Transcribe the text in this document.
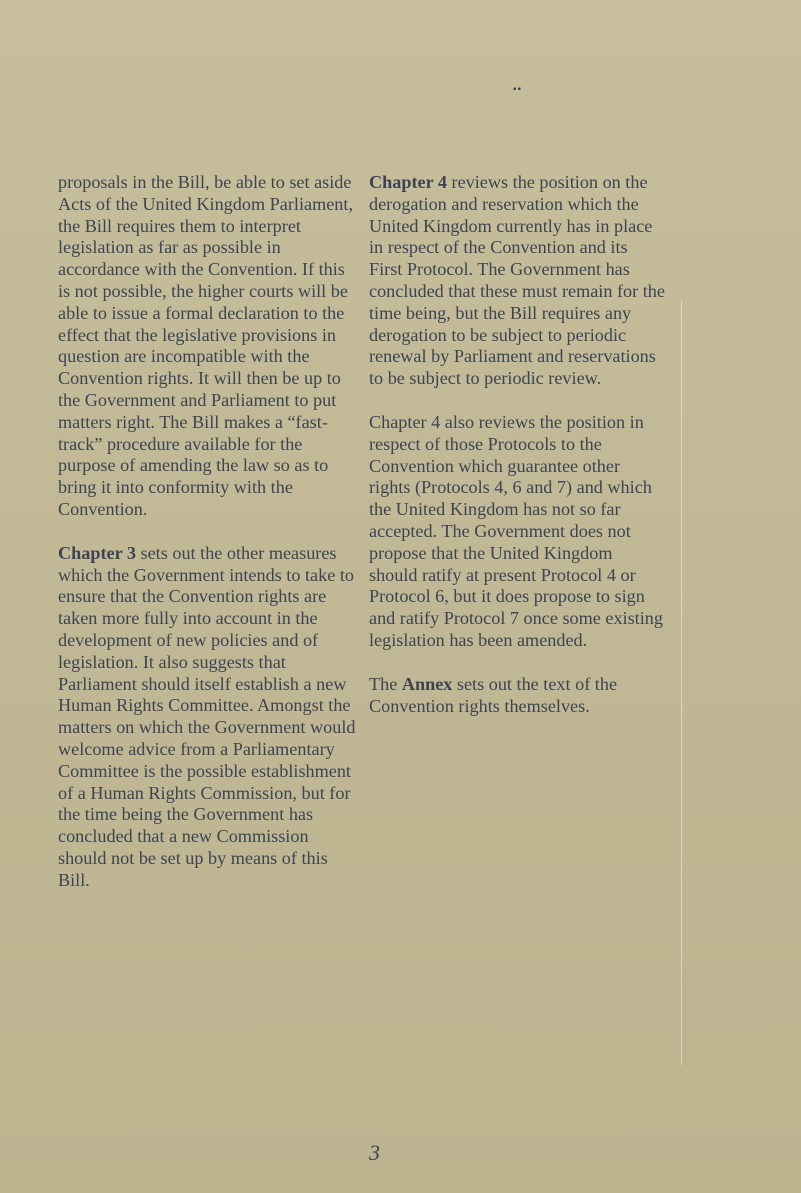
▪▪

proposals in the Bill, be able to set aside Acts of the United Kingdom Parliament, the Bill requires them to interpret legislation as far as possible in accordance with the Convention. If this is not possible, the higher courts will be able to issue a formal declaration to the effect that the legislative provisions in question are incompatible with the Convention rights. It will then be up to the Government and Parliament to put matters right. The Bill makes a “fast-track” procedure available for the purpose of amending the law so as to bring it into conformity with the Convention.

Chapter 3 sets out the other measures which the Government intends to take to ensure that the Convention rights are taken more fully into account in the development of new policies and of legislation. It also suggests that Parliament should itself establish a new Human Rights Committee. Amongst the matters on which the Government would welcome advice from a Parliamentary Committee is the possible establishment of a Human Rights Commission, but for the time being the Government has concluded that a new Commission should not be set up by means of this Bill.

Chapter 4 reviews the position on the derogation and reservation which the United Kingdom currently has in place in respect of the Convention and its First Protocol. The Government has concluded that these must remain for the time being, but the Bill requires any derogation to be subject to periodic renewal by Parliament and reservations to be subject to periodic review.

Chapter 4 also reviews the position in respect of those Protocols to the Convention which guarantee other rights (Protocols 4, 6 and 7) and which the United Kingdom has not so far accepted. The Government does not propose that the United Kingdom should ratify at present Protocol 4 or Protocol 6, but it does propose to sign and ratify Protocol 7 once some existing legislation has been amended.

The Annex sets out the text of the Convention rights themselves.

3
